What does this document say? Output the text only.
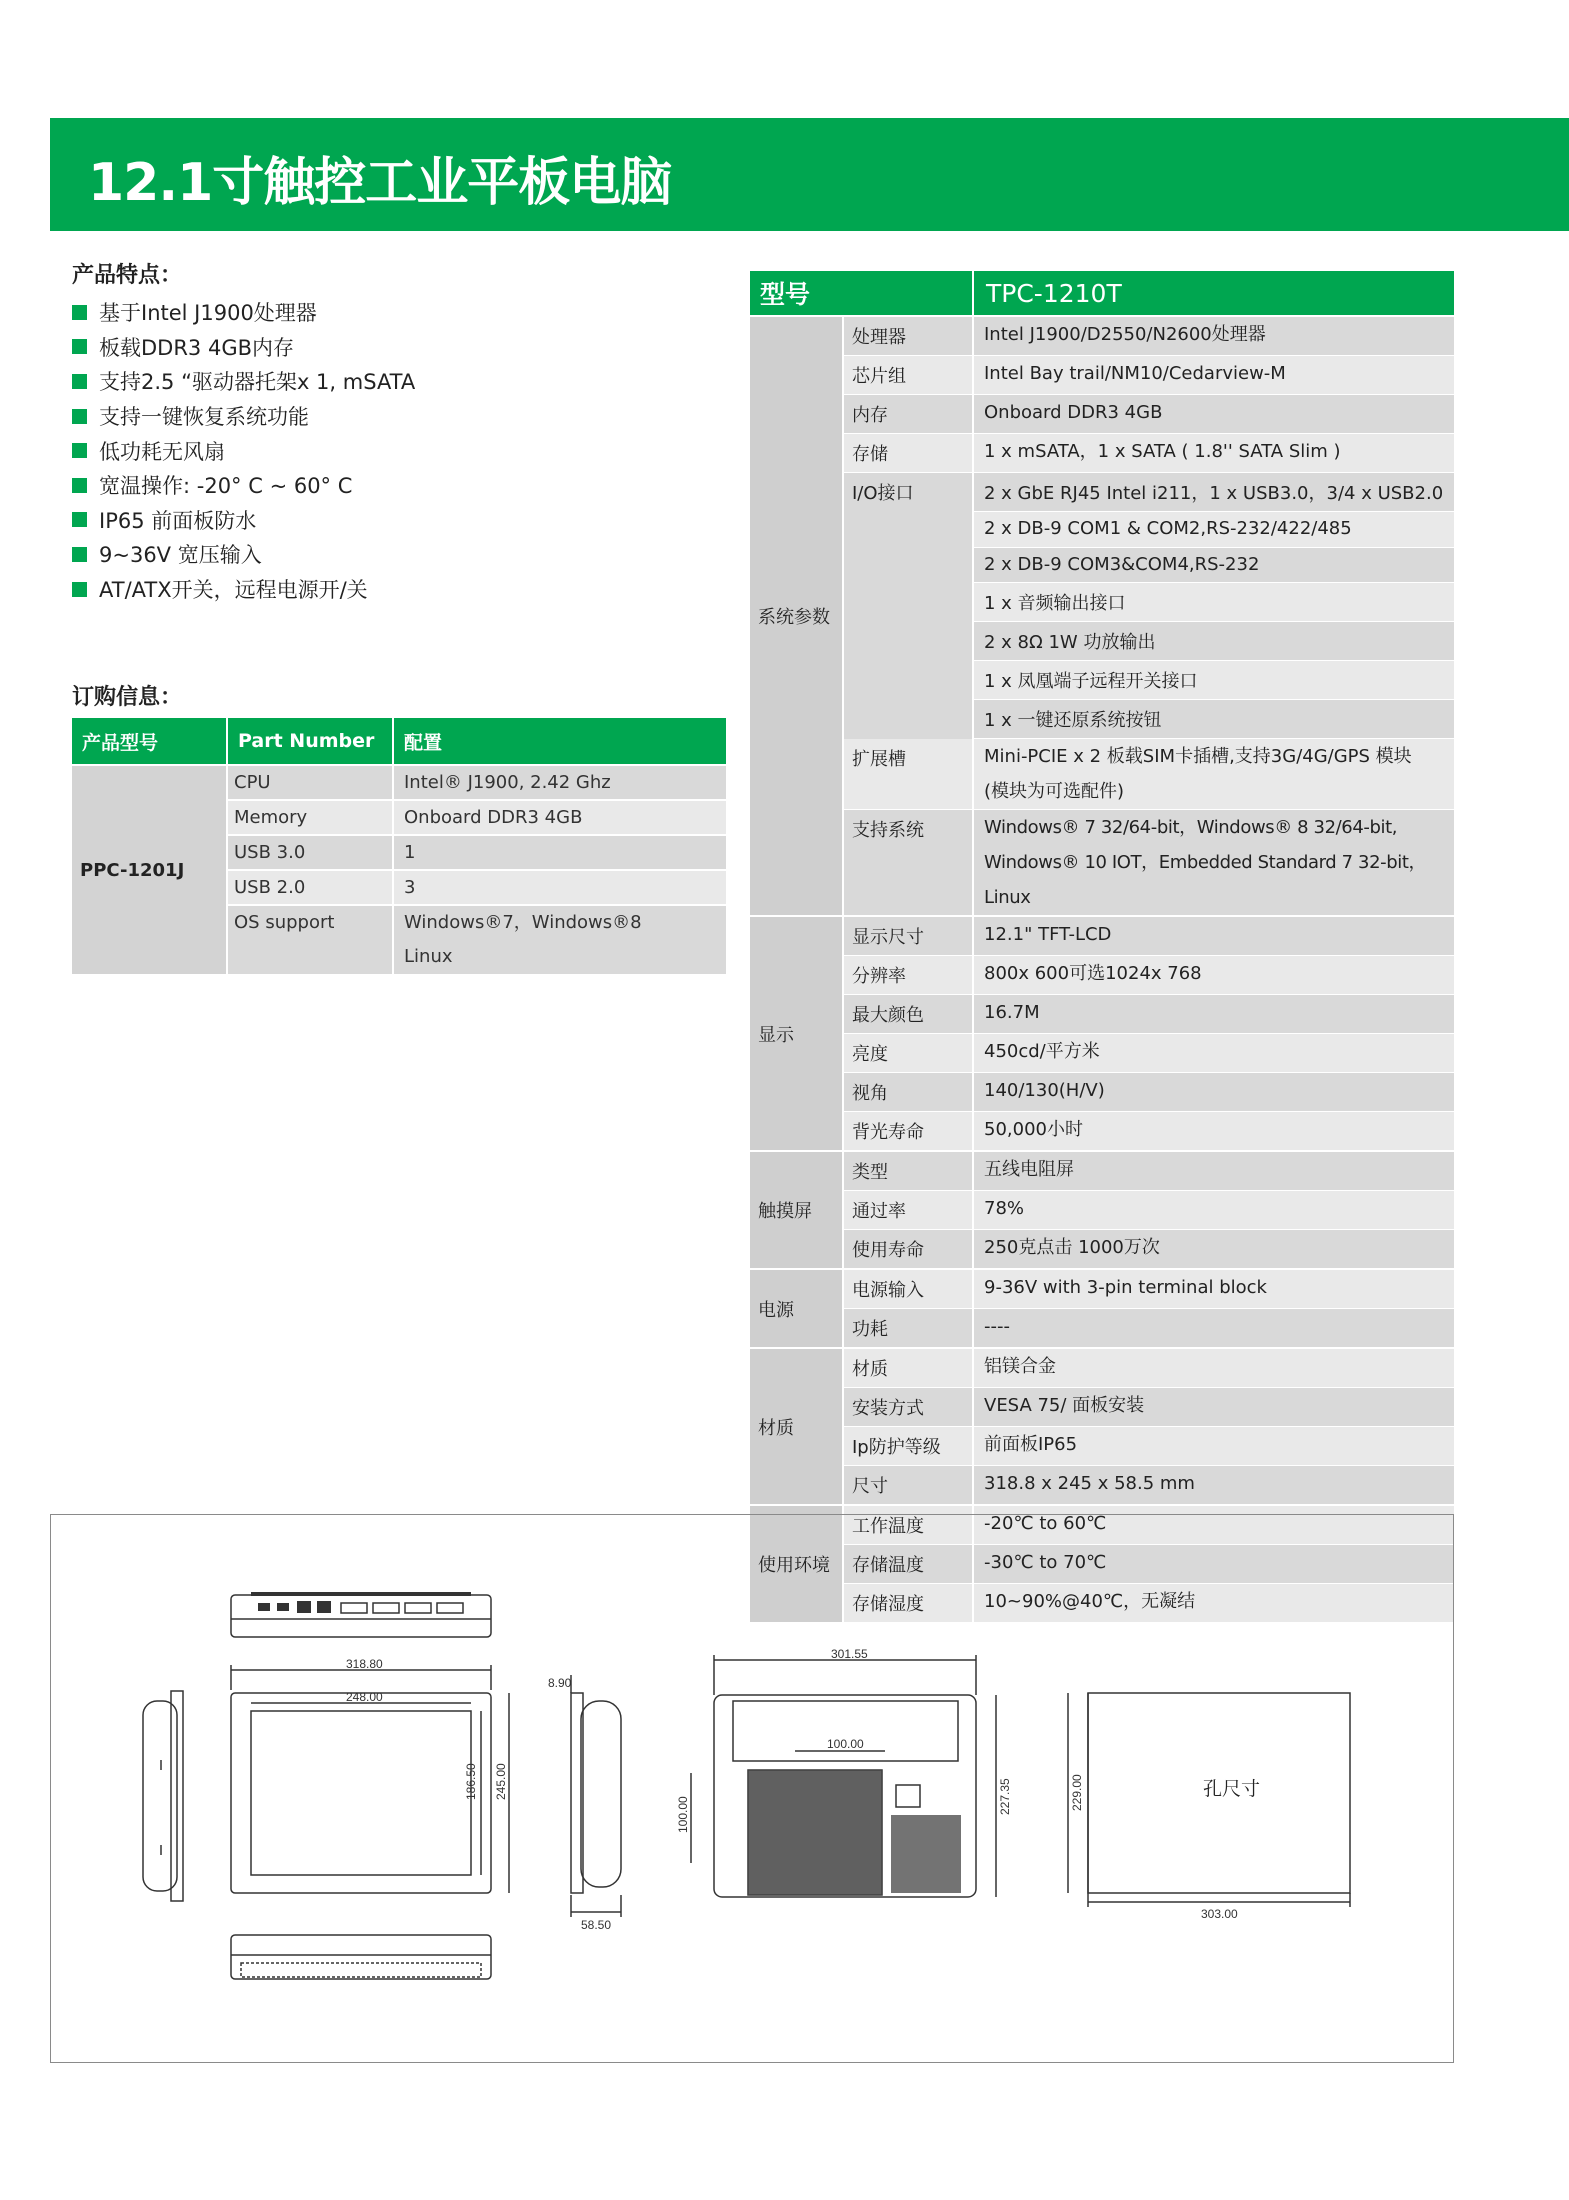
12.1寸触控工业平板电脑
产品特点：
基于Intel J1900处理器
板载DDR3 4GB内存
支持2.5 “驱动器托架x 1, mSATA
支持一键恢复系统功能
低功耗无风扇
宽温操作: -20° C ~ 60° C
IP65 前面板防水
9~36V 宽压输入
AT/ATX开关，远程电源开/关
订购信息：
产品型号	Part Number	配置
PPC-1201J
CPU	Intel® J1900, 2.42 Ghz
Memory	Onboard DDR3 4GB
USB 3.0	1
USB 2.0	3
OS support	Windows®7，Windows®8
Linux
型号	TPC-1210T
系统参数
处理器	Intel J1900/D2550/N2600处理器
芯片组	Intel Bay trail/NM10/Cedarview-M
内存	Onboard DDR3 4GB
存储	1 x mSATA，1 x SATA ( 1.8'' SATA Slim )
I/O接口	2 x GbE RJ45 Intel i211，1 x USB3.0，3/4 x USB2.0
2 x DB-9 COM1 & COM2,RS-232/422/485
2 x DB-9 COM3&COM4,RS-232
1 x 音频输出接口
2 x 8Ω 1W 功放输出
1 x 凤凰端子远程开关接口
1 x 一键还原系统按钮
扩展槽	Mini-PCIE x 2 板载SIM卡插槽,支持3G/4G/GPS 模块
(模块为可选配件)
支持系统	Windows® 7 32/64-bit，Windows® 8 32/64-bit,
Windows® 10 IOT，Embedded Standard 7 32-bit，Linux
显示
显示尺寸	12.1" TFT-LCD
分辨率	800x 600可选1024x 768
最大颜色	16.7M
亮度	450cd/平方米
视角	140/130(H/V)
背光寿命	50,000小时
触摸屏
类型	五线电阻屏
通过率	78%
使用寿命	250克点击 1000万次
电源
电源输入	9-36V with 3-pin terminal block
功耗	----
材质
材质	铝镁合金
安装方式	VESA 75/ 面板安装
Ip防护等级	前面板IP65
尺寸	318.8 x 245 x 58.5 mm
使用环境
工作温度	-20℃ to 60℃
存储温度	-30℃ to 70℃
存储湿度	10~90%@40℃，无凝结
318.80
248.00
186.50 245.00
8.90
58.50
301.55
100.00
100.00	227.35	229.00
303.00
孔尺寸
